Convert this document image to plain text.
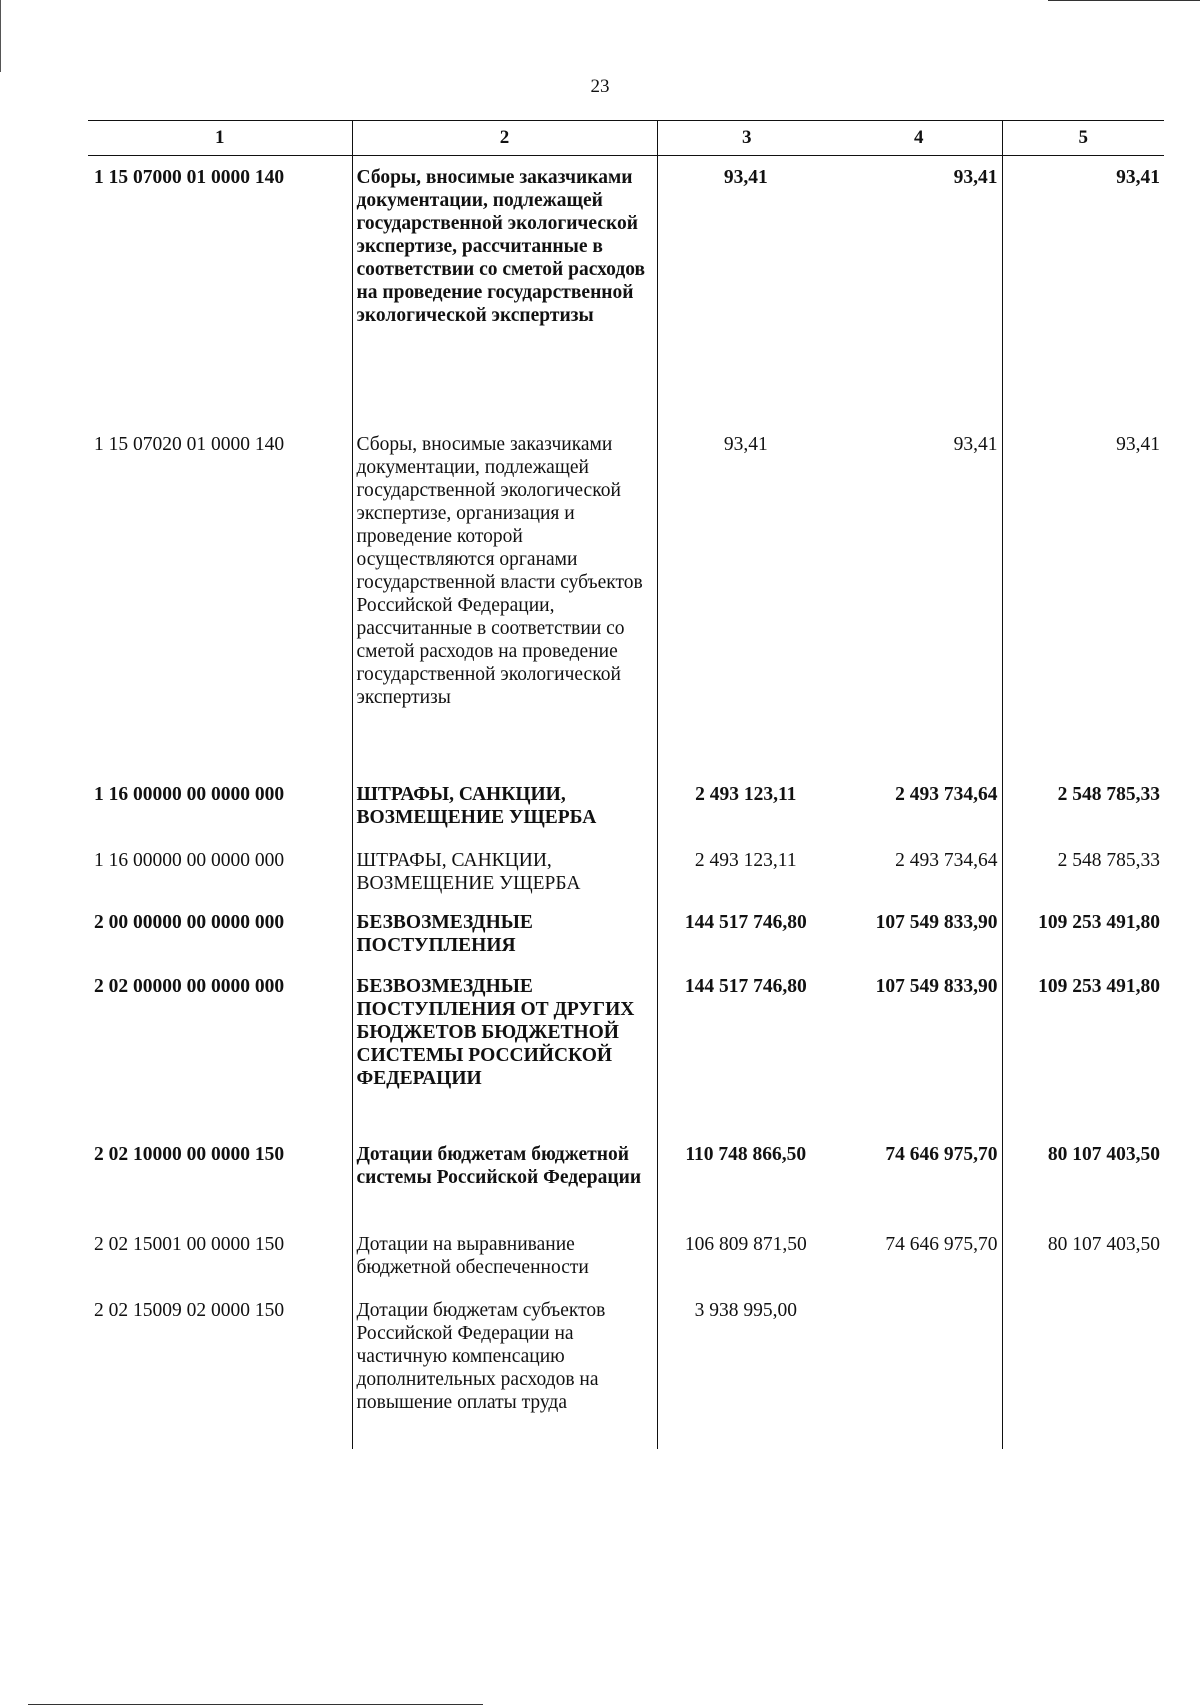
23
1	2	3	4	5
1 15 07000 01 0000 140	Сборы, вносимые заказчиками документации, подлежащей государственной экологической экспертизе, рассчитанные в соответствии со сметой расходов на проведение государственной экологической экспертизы	93,41	93,41	93,41
1 15 07020 01 0000 140	Сборы, вносимые заказчиками документации, подлежащей государственной экологической экспертизе, организация и проведение которой осуществляются органами государственной власти субъектов Российской Федерации, рассчитанные в соответствии со сметой расходов на проведение государственной экологической экспертизы	93,41	93,41	93,41
1 16 00000 00 0000 000	ШТРАФЫ, САНКЦИИ, ВОЗМЕЩЕНИЕ УЩЕРБА	2 493 123,11	2 493 734,64	2 548 785,33
1 16 00000 00 0000 000	ШТРАФЫ, САНКЦИИ, ВОЗМЕЩЕНИЕ УЩЕРБА	2 493 123,11	2 493 734,64	2 548 785,33
2 00 00000 00 0000 000	БЕЗВОЗМЕЗДНЫЕ ПОСТУПЛЕНИЯ	144 517 746,80	107 549 833,90	109 253 491,80
2 02 00000 00 0000 000	БЕЗВОЗМЕЗДНЫЕ ПОСТУПЛЕНИЯ ОТ ДРУГИХ БЮДЖЕТОВ БЮДЖЕТНОЙ СИСТЕМЫ РОССИЙСКОЙ ФЕДЕРАЦИИ	144 517 746,80	107 549 833,90	109 253 491,80
2 02 10000 00 0000 150	Дотации бюджетам бюджетной системы Российской Федерации	110 748 866,50	74 646 975,70	80 107 403,50
2 02 15001 00 0000 150	Дотации на выравнивание бюджетной обеспеченности	106 809 871,50	74 646 975,70	80 107 403,50
2 02 15009 02 0000 150	Дотации бюджетам субъектов Российской Федерации на частичную компенсацию дополнительных расходов на повышение оплаты труда	3 938 995,00		
